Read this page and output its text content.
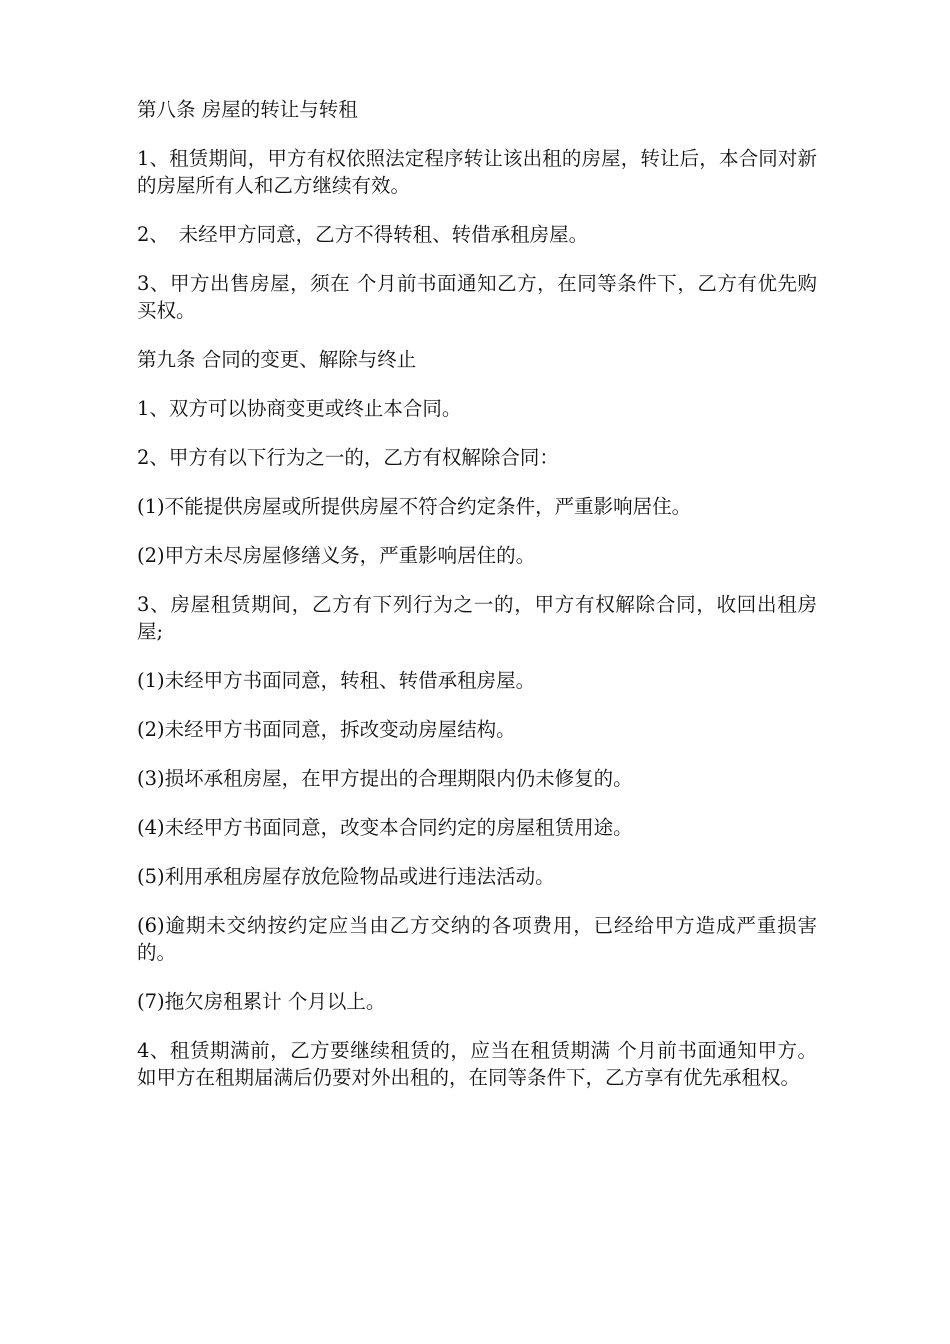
第八条 房屋的转让与转租

1、租赁期间，甲方有权依照法定程序转让该出租的房屋，转让后，本合同对新的房屋所有人和乙方继续有效。

2、　未经甲方同意，乙方不得转租、转借承租房屋。

3、甲方出售房屋，须在 个月前书面通知乙方，在同等条件下，乙方有优先购买权。

第九条 合同的变更、解除与终止

1、双方可以协商变更或终止本合同。

2、甲方有以下行为之一的，乙方有权解除合同：

(1)不能提供房屋或所提供房屋不符合约定条件，严重影响居住。

(2)甲方未尽房屋修缮义务，严重影响居住的。

3、房屋租赁期间，乙方有下列行为之一的，甲方有权解除合同，收回出租房屋;

(1)未经甲方书面同意，转租、转借承租房屋。

(2)未经甲方书面同意，拆改变动房屋结构。

(3)损坏承租房屋，在甲方提出的合理期限内仍未修复的。

(4)未经甲方书面同意，改变本合同约定的房屋租赁用途。

(5)利用承租房屋存放危险物品或进行违法活动。

(6)逾期未交纳按约定应当由乙方交纳的各项费用，已经给甲方造成严重损害的。

(7)拖欠房租累计 个月以上。

4、租赁期满前，乙方要继续租赁的，应当在租赁期满 个月前书面通知甲方。如甲方在租期届满后仍要对外出租的，在同等条件下，乙方享有优先承租权。
